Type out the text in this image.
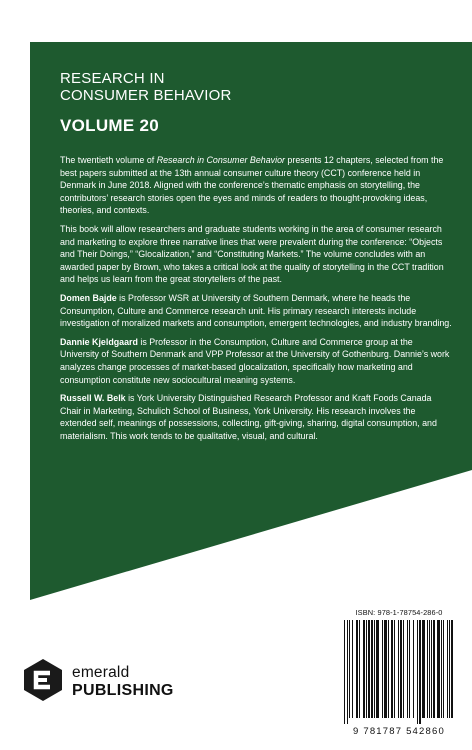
RESEARCH IN

CONSUMER BEHAVIOR

VOLUME 20

The twentieth volume of Research in Consumer Behavior presents 12 chapters, selected from the best papers submitted at the 13th annual consumer culture theory (CCT) conference held in Denmark in June 2018. Aligned with the conference’s thematic emphasis on storytelling, the contributors’ research stories open the eyes and minds of readers to thought-provoking ideas, theories, and contexts.

This book will allow researchers and graduate students working in the area of consumer research and marketing to explore three narrative lines that were prevalent during the conference: “Objects and Their Doings,” “Glocalization,” and “Constituting Markets.” The volume concludes with an awarded paper by Brown, who takes a critical look at the quality of storytelling in the CCT tradition and helps us learn from the great storytellers of the past.

Domen Bajde is Professor WSR at University of Southern Denmark, where he heads the Consumption, Culture and Commerce research unit. His primary research interests include investigation of moralized markets and consumption, emergent technologies, and industry branding.

Dannie Kjeldgaard is Professor in the Consumption, Culture and Commerce group at the University of Southern Denmark and VPP Professor at the University of Gothenburg. Dannie’s work analyzes change processes of market-based glocalization, specifically how marketing and consumption constitute new sociocultural meaning systems.

Russell W. Belk is York University Distinguished Research Professor and Kraft Foods Canada Chair in Marketing, Schulich School of Business, York University. His research involves the extended self, meanings of possessions, collecting, gift-giving, sharing, digital consumption, and materialism. This work tends to be qualitative, visual, and cultural.

ISBN: 978-1-78754-286-0
9 781787 542860
emerald
PUBLISHING
